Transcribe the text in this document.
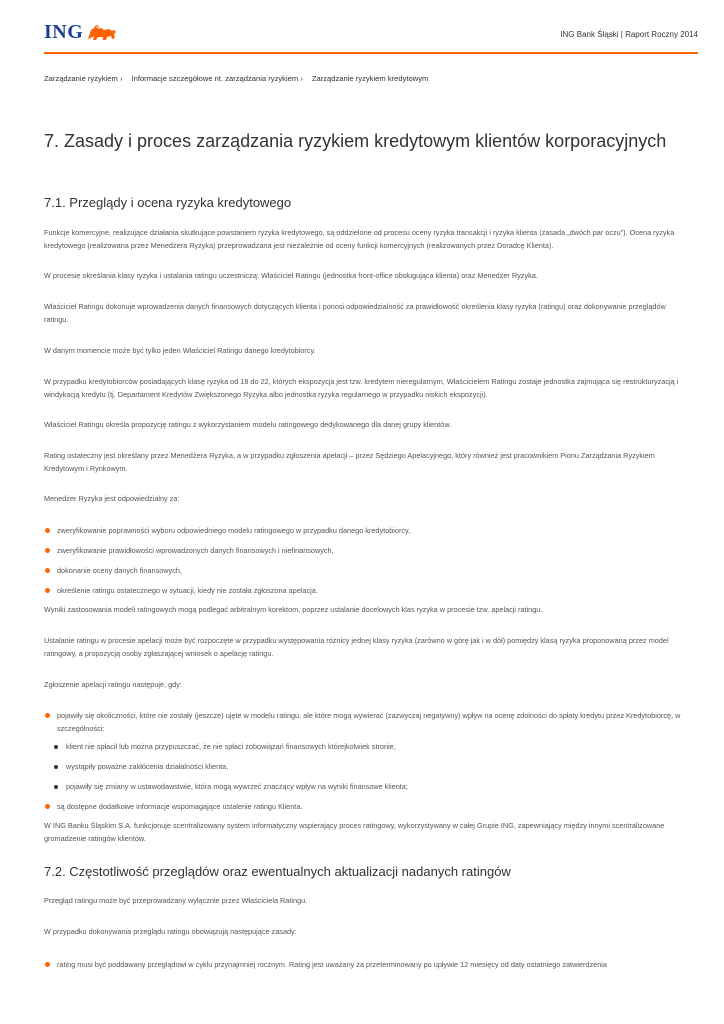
ING	ING Bank Śląski | Raport Roczny 2014
Zarządzanie ryzykiem › Informacje szczegółowe nt. zarządzania ryzykiem › Zarządzanie ryzykiem kredytowym
7. Zasady i proces zarządzania ryzykiem kredytowym klientów korporacyjnych
7.1. Przeglądy i ocena ryzyka kredytowego

Funkcje komercyjne, realizujące działania skutkujące powstaniem ryzyka kredytowego, są oddzielone od procesu oceny ryzyka transakcji i ryzyka klienta (zasada „dwóch par oczu”). Ocena ryzyka kredytowego (realizowana przez Menedżera Ryzyka) przeprowadzana jest niezależnie od oceny funkcji komercyjnych (realizowanych przez Doradcę Klienta).

W procesie określania klasy ryzyka i ustalania ratingu uczestniczą: Właściciel Ratingu (jednostka front-office obsługująca klienta) oraz Menedżer Ryzyka.

Właściciel Ratingu dokonuje wprowadzenia danych finansowych dotyczących klienta i ponosi odpowiedzialność za prawidłowość określenia klasy ryzyka (ratingu) oraz dokonywanie przeglądów ratingu.

W danym momencie może być tylko jeden Właściciel Ratingu danego kredytobiorcy.

W przypadku kredytobiorców posiadających klasę ryzyka od 18 do 22, których ekspozycja jest tzw. kredytem nieregularnym, Właścicielem Ratingu zostaje jednostka zajmująca się restrukturyzacją i windykacją kredytu (tj. Departament Kredytów Zwiększonego Ryzyka albo jednostka ryzyka regularnego w przypadku niskich ekspozycji).

Właściciel Ratingu określa propozycję ratingu z wykorzystaniem modelu ratingowego dedykowanego dla danej grupy klientów.

Rating ostateczny jest określany przez Menedżera Ryzyka, a w przypadku zgłoszenia apelacji – przez Sędziego Apelacyjnego, który również jest pracownikiem Pionu Zarządzania Ryzykiem Kredytowym i Rynkowym.

Menedżer Ryzyka jest odpowiedzialny za:

zweryfikowanie poprawności wyboru odpowiedniego modelu ratingowego w przypadku danego kredytobiorcy,
zweryfikowanie prawidłowości wprowadzonych danych finansowych i niefinansowych,
dokonanie oceny danych finansowych,
określenie ratingu ostatecznego w sytuacji, kiedy nie została zgłoszona apelacja.

Wyniki zastosowania modeli ratingowych mogą podlegać arbitralnym korektom, poprzez ustalanie docelowych klas ryzyka w procesie tzw. apelacji ratingu.

Ustalanie ratingu w procesie apelacji może być rozpoczęte w przypadku występowania różnicy jednej klasy ryzyka (zarówno w górę jak i w dół) pomiędzy klasą ryzyka proponowaną przez model ratingowy, a propozycją osoby zgłaszającej wniosek o apelację ratingu.

Zgłoszenie apelacji ratingu następuje, gdy:

pojawiły się okoliczności, które nie zostały (jeszcze) ujęte w modelu ratingu, ale które mogą wywierać (zazwyczaj negatywny) wpływ na ocenę zdolności do spłaty kredytu przez Kredytobiorcę, w szczególności:
klient nie spłacił lub można przypuszczać, że nie spłaci zobowiązań finansowych którejkolwiek stronie,
wystąpiły poważne zakłócenia działalności klienta,
pojawiły się zmiany w ustawodawstwie, która mogą wywrzeć znaczący wpływ na wyniki finansowe klienta;
są dostępne dodatkowe informacje wspomagające ustalenie ratingu Klienta.

W ING Banku Śląskim S.A. funkcjonuje scentralizowany system informatyczny wspierający proces ratingowy, wykorzystywany w całej Grupie ING, zapewniający między innymi scentralizowane gromadzenie ratingów klientów.

7.2. Częstotliwość przeglądów oraz ewentualnych aktualizacji nadanych ratingów

Przegląd ratingu może być przeprowadzany wyłącznie przez Właściciela Ratingu.

W przypadku dokonywania przeglądu ratingu obowiązują następujące zasady:

rating musi być poddawany przeglądowi w cyklu przynajmniej rocznym. Rating jest uważany za przeterminowany po upływie 12 miesięcy od daty ostatniego zatwierdzenia
